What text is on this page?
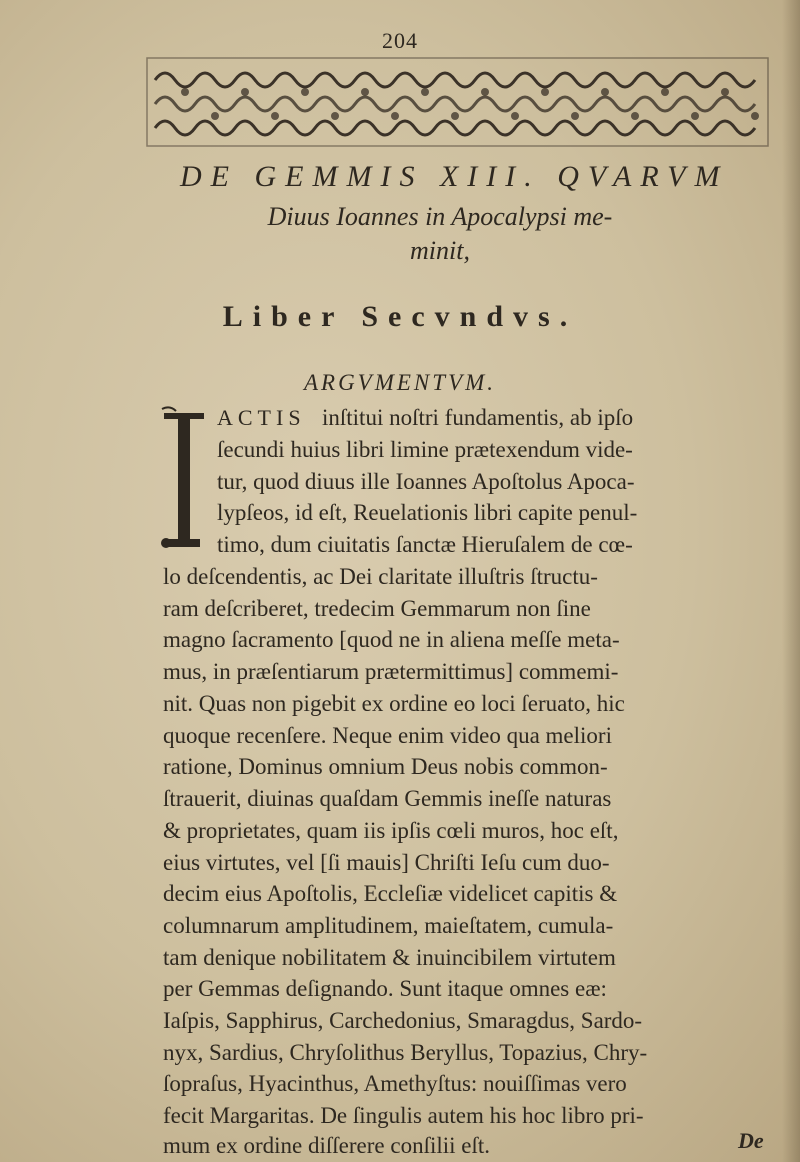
204
DE GEMMIS XIII. QVARVM
Diuus Ioannes in Apocalypsi me-
minit,
Liber Secvndvs.
ARGVMENTVM.
ACTIS inſtitui noſtri fundamentis, ab ipſo
ſecundi huius libri limine prætexendum vide-
tur, quod diuus ille Ioannes Apoſtolus Apoca-
lypſeos, id eſt, Reuelationis libri capite penul-
timo, dum ciuitatis ſanctæ Hieruſalem de cœ-
lo deſcendentis, ac Dei claritate illuſtris ſtructu-
ram deſcriberet, tredecim Gemmarum non ſine
magno ſacramento [quod ne in aliena meſſe meta-
mus, in præſentiarum prætermittimus] commemi-
nit. Quas non pigebit ex ordine eo loci ſeruato, hic
quoque recenſere. Neque enim video qua meliori
ratione, Dominus omnium Deus nobis common-
ſtrauerit, diuinas quaſdam Gemmis ineſſe naturas
& proprietates, quam iis ipſis cœli muros, hoc eſt,
eius virtutes, vel [ſi mauis] Chriſti Ieſu cum duo-
decim eius Apoſtolis, Eccleſiæ videlicet capitis &
columnarum amplitudinem, maieſtatem, cumula-
tam denique nobilitatem & inuincibilem virtutem
per Gemmas deſignando. Sunt itaque omnes eæ:
Iaſpis, Sapphirus, Carchedonius, Smaragdus, Sardo-
nyx, Sardius, Chryſolithus Beryllus, Topazius, Chry-
ſopraſus, Hyacinthus, Amethyſtus: nouiſſimas vero
fecit Margaritas. De ſingulis autem his hoc libro pri-
mum ex ordine diſſerere conſilii eſt.	De
